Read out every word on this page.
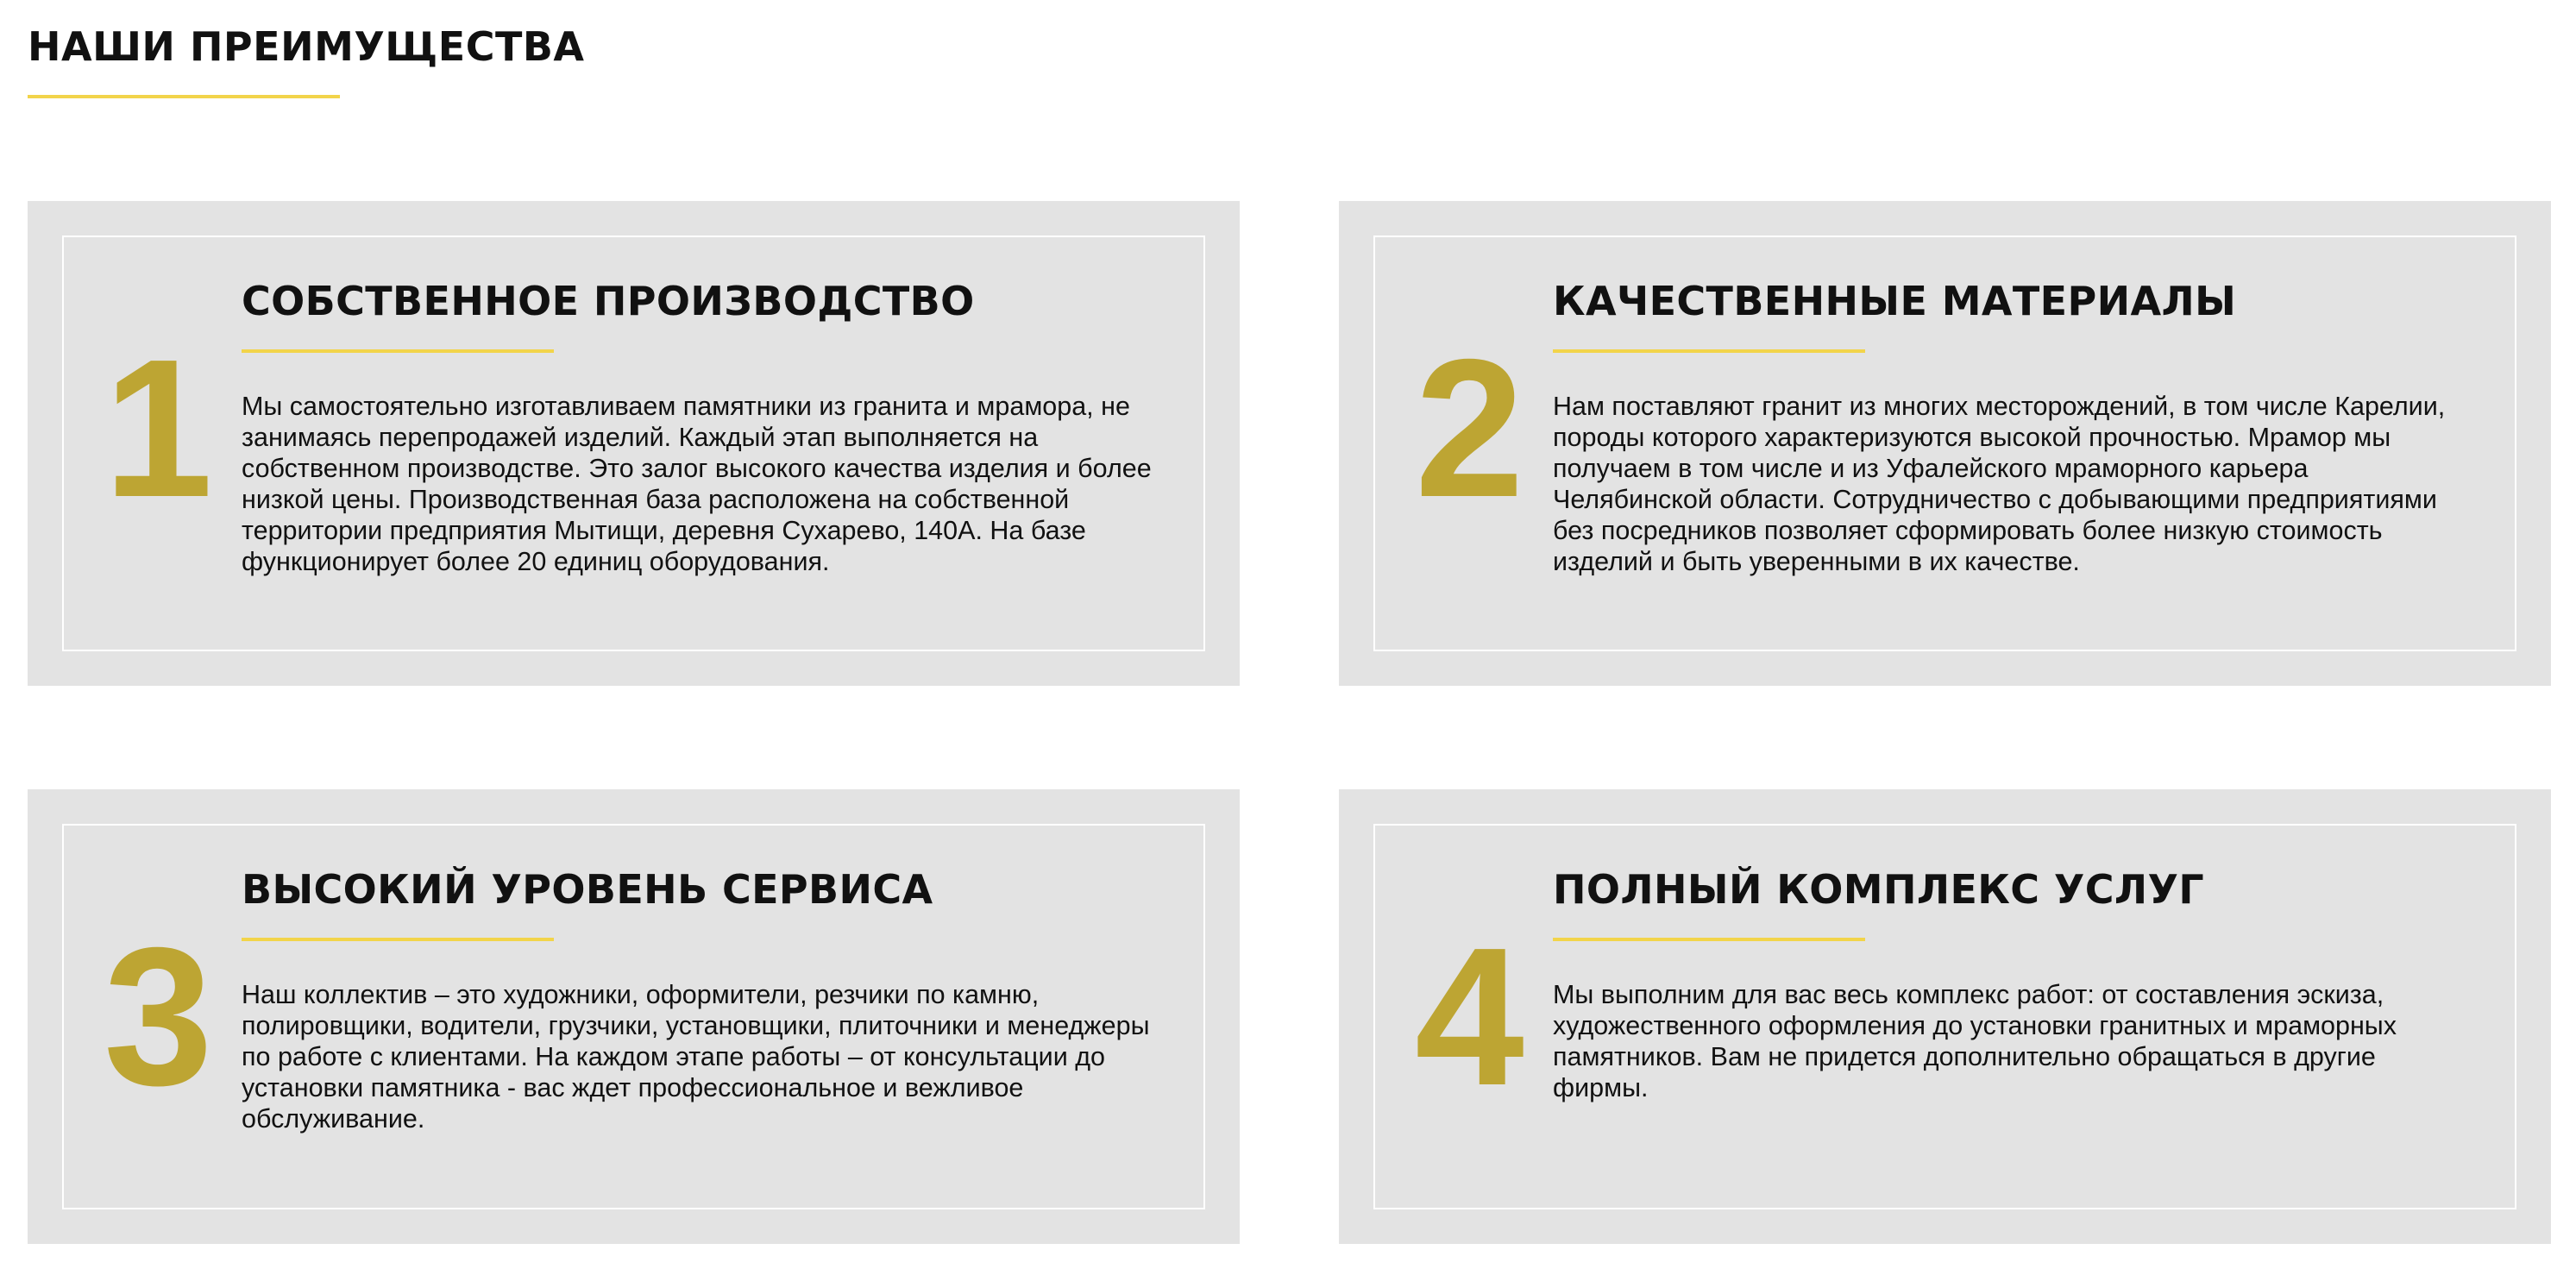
НАШИ ПРЕИМУЩЕСТВА
1
СОБСТВЕННОЕ ПРОИЗВОДСТВО

Мы самостоятельно изготавливаем памятники из гранита и мрамора, не занимаясь перепродажей изделий. Каждый этап выполняется на собственном производстве. Это залог высокого качества изделия и более низкой цены. Производственная база расположена на собственной территории предприятия Мытищи, деревня Сухарево, 140А. На базе функционирует более 20 единиц оборудования.

2
КАЧЕСТВЕННЫЕ МАТЕРИАЛЫ

Нам поставляют гранит из многих месторождений, в том числе Карелии, породы которого характеризуются высокой прочностью. Мрамор мы получаем в том числе и из Уфалейского мраморного карьера Челябинской области. Сотрудничество с добывающими предприятиями без посредников позволяет сформировать более низкую стоимость изделий и быть уверенными в их качестве.

3
ВЫСОКИЙ УРОВЕНЬ СЕРВИСА

Наш коллектив – это художники, оформители, резчики по камню, полировщики, водители, грузчики, установщики, плиточники и менеджеры по работе с клиентами. На каждом этапе работы – от консультации до установки памятника - вас ждет профессиональное и вежливое обслуживание.	4
ПОЛНЫЙ КОМПЛЕКС УСЛУГ

Мы выполним для вас весь комплекс работ: от составления эскиза, художественного оформления до установки гранитных и мраморных памятников. Вам не придется дополнительно обращаться в другие фирмы.
